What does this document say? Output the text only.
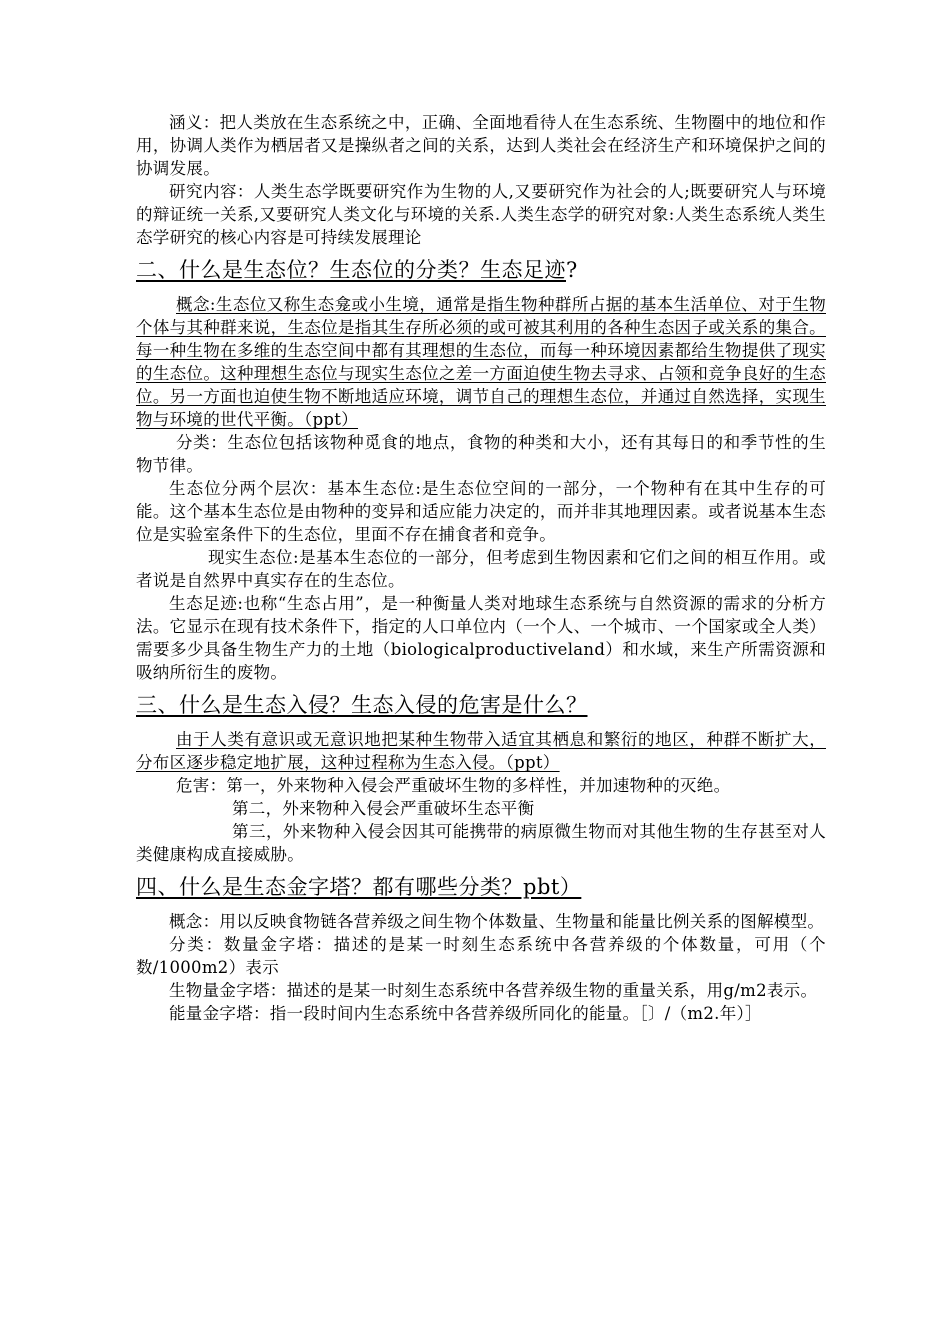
涵义：把人类放在生态系统之中，正确、全面地看待人在生态系统、生物圈中的地位和作用，协调人类作为栖居者又是操纵者之间的关系，达到人类社会在经济生产和环境保护之间的协调发展。

研究内容：人类生态学既要研究作为生物的人,又要研究作为社会的人;既要研究人与环境的辩证统一关系,又要研究人类文化与环境的关系.人类生态学的研究对象:人类生态系统人类生态学研究的核心内容是可持续发展理论

二、什么是生态位？生态位的分类？生态足迹?

概念:生态位又称生态龛或小生境，通常是指生物种群所占据的基本生活单位、对于生物个体与其种群来说，生态位是指其生存所必须的或可被其利用的各种生态因子或关系的集合。每一种生物在多维的生态空间中都有其理想的生态位，而每一种环境因素都给生物提供了现实的生态位。这种理想生态位与现实生态位之差一方面迫使生物去寻求、占领和竞争良好的生态位。另一方面也迫使生物不断地适应环境，调节自己的理想生态位，并通过自然选择，实现生物与环境的世代平衡。（ppt）

分类：生态位包括该物种觅食的地点，食物的种类和大小，还有其每日的和季节性的生物节律。

生态位分两个层次：基本生态位:是生态位空间的一部分，一个物种有在其中生存的可能。这个基本生态位是由物种的变异和适应能力决定的，而并非其地理因素。或者说基本生态位是实验室条件下的生态位，里面不存在捕食者和竞争。

现实生态位:是基本生态位的一部分，但考虑到生物因素和它们之间的相互作用。或者说是自然界中真实存在的生态位。

生态足迹:也称“生态占用”，是一种衡量人类对地球生态系统与自然资源的需求的分析方法。它显示在现有技术条件下，指定的人口单位内（一个人、一个城市、一个国家或全人类）需要多少具备生物生产力的土地（biologicalproductiveland）和水域，来生产所需资源和吸纳所衍生的废物。

三、什么是生态入侵？生态入侵的危害是什么？

由于人类有意识或无意识地把某种生物带入适宜其栖息和繁衍的地区，种群不断扩大，分布区逐步稳定地扩展，这种过程称为生态入侵。（ppt）

危害：第一，外来物种入侵会严重破坏生物的多样性，并加速物种的灭绝。

第二，外来物种入侵会严重破坏生态平衡

第三，外来物种入侵会因其可能携带的病原微生物而对其他生物的生存甚至对人类健康构成直接威胁。

四、什么是生态金字塔？都有哪些分类？pbt）

概念：用以反映食物链各营养级之间生物个体数量、生物量和能量比例关系的图解模型。

分类：数量金字塔：描述的是某一时刻生态系统中各营养级的个体数量，可用（个数/1000m2）表示

生物量金字塔：描述的是某一时刻生态系统中各营养级生物的重量关系，用g/m2表示。

能量金字塔：指一段时间内生态系统中各营养级所同化的能量。［〕/（m2.年）］
